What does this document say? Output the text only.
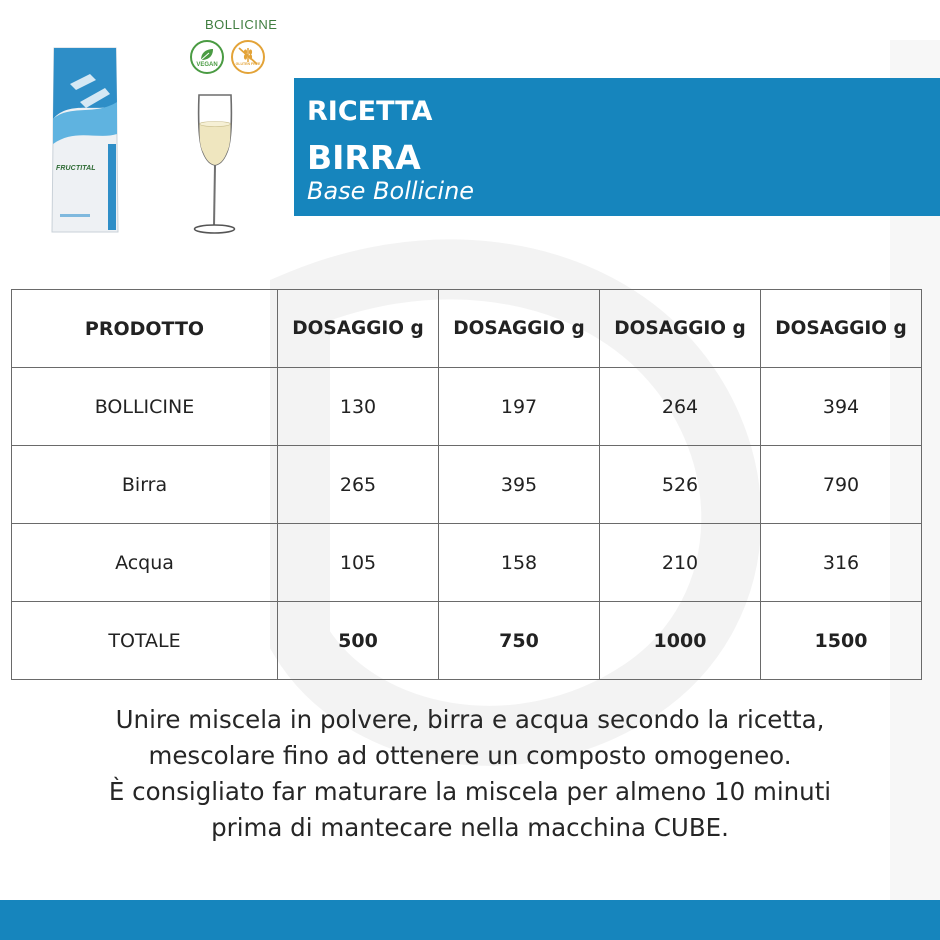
FRUCTITAL
BOLLICINE
VEGAN	GLUTEN FREE
RICETTA
BIRRA
Base Bollicine
PRODOTTO	DOSAGGIO g	DOSAGGIO g	DOSAGGIO g	DOSAGGIO g
BOLLICINE	130	197	264	394
Birra	265	395	526	790
Acqua	105	158	210	316
TOTALE	500	750	1000	1500
Unire miscela in polvere, birra e acqua secondo la ricetta,
mescolare fino ad ottenere un composto omogeneo.
È consigliato far maturare la miscela per almeno 10 minuti
prima di mantecare nella macchina CUBE.
